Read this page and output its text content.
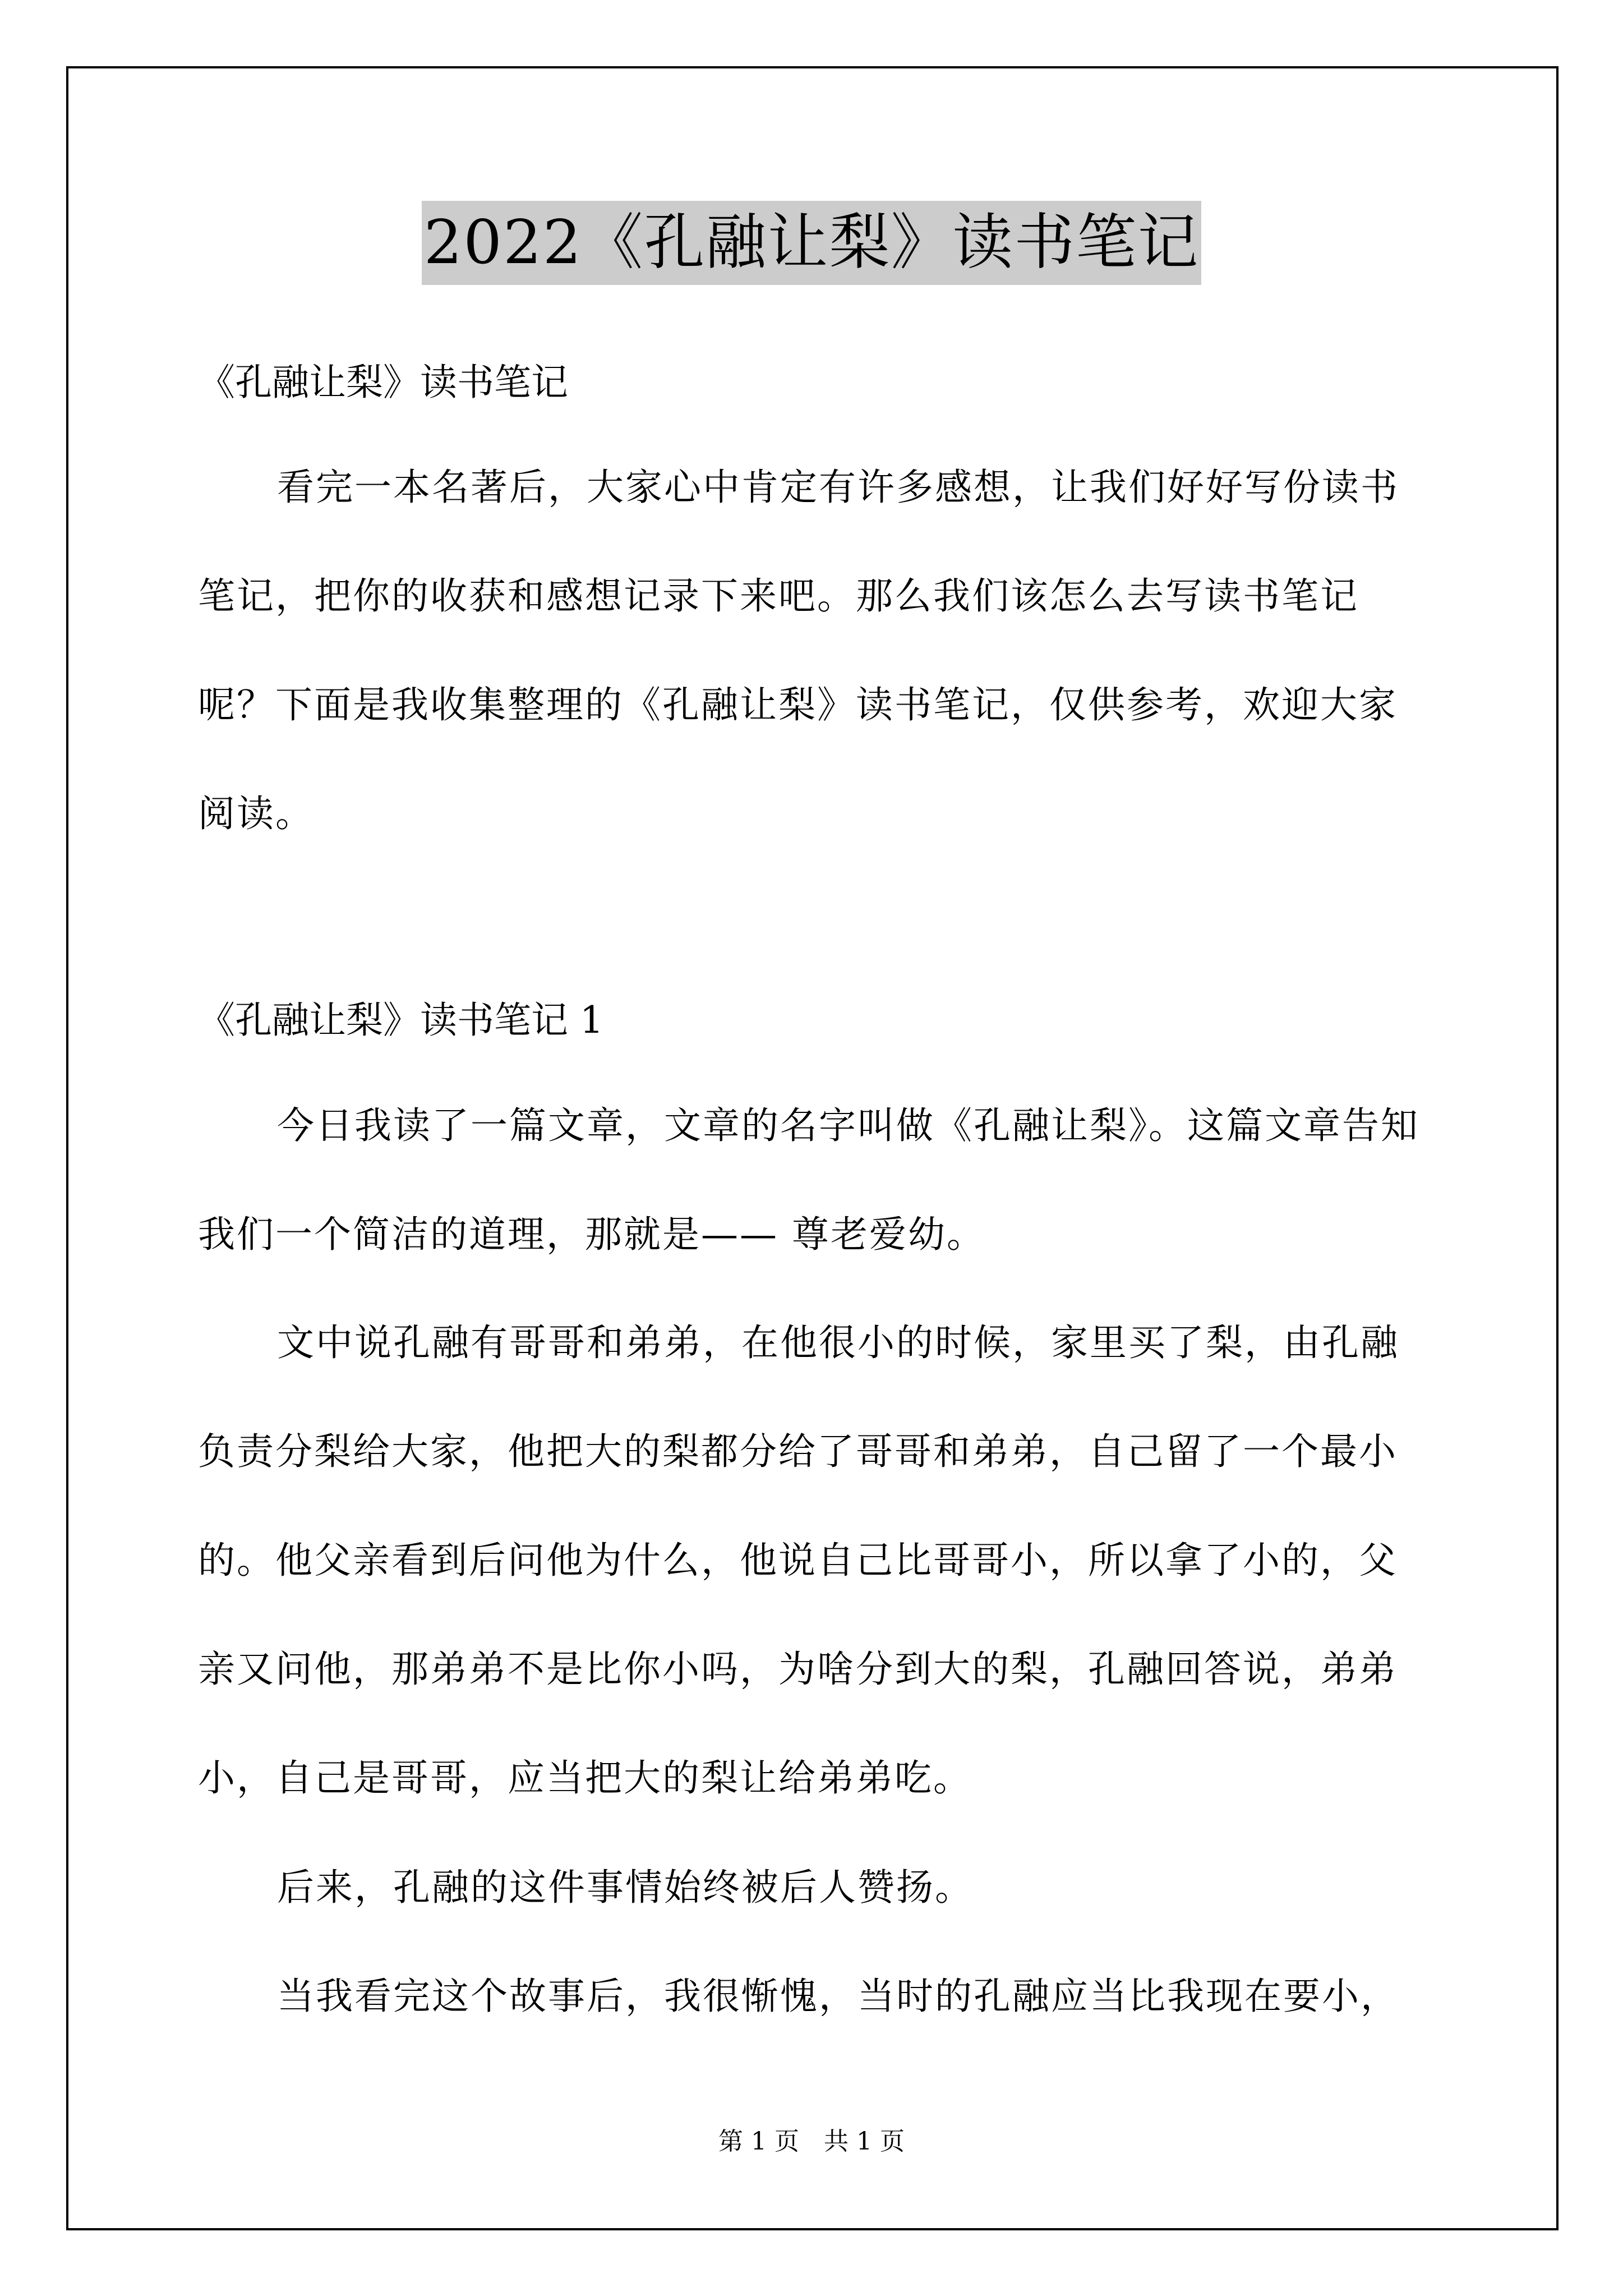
2022《孔融让梨》读书笔记
《孔融让梨》读书笔记

看完一本名著后，大家心中肯定有许多感想，让我们好好写份读书笔记，把你的收获和感想记录下来吧。那么我们该怎么去写读书笔记呢？下面是我收集整理的《孔融让梨》读书笔记，仅供参考，欢迎大家阅读。

《孔融让梨》读书笔记 1

今日我读了一篇文章，文章的名字叫做《孔融让梨》。这篇文章告知我们一个简洁的道理，那就是—— 尊老爱幼。

文中说孔融有哥哥和弟弟，在他很小的时候，家里买了梨，由孔融负责分梨给大家，他把大的梨都分给了哥哥和弟弟，自己留了一个最小的。他父亲看到后问他为什么，他说自己比哥哥小，所以拿了小的，父亲又问他，那弟弟不是比你小吗，为啥分到大的梨，孔融回答说，弟弟小，自己是哥哥，应当把大的梨让给弟弟吃。

后来，孔融的这件事情始终被后人赞扬。

当我看完这个故事后，我很惭愧，当时的孔融应当比我现在要小，

第 1 页　共 1 页
